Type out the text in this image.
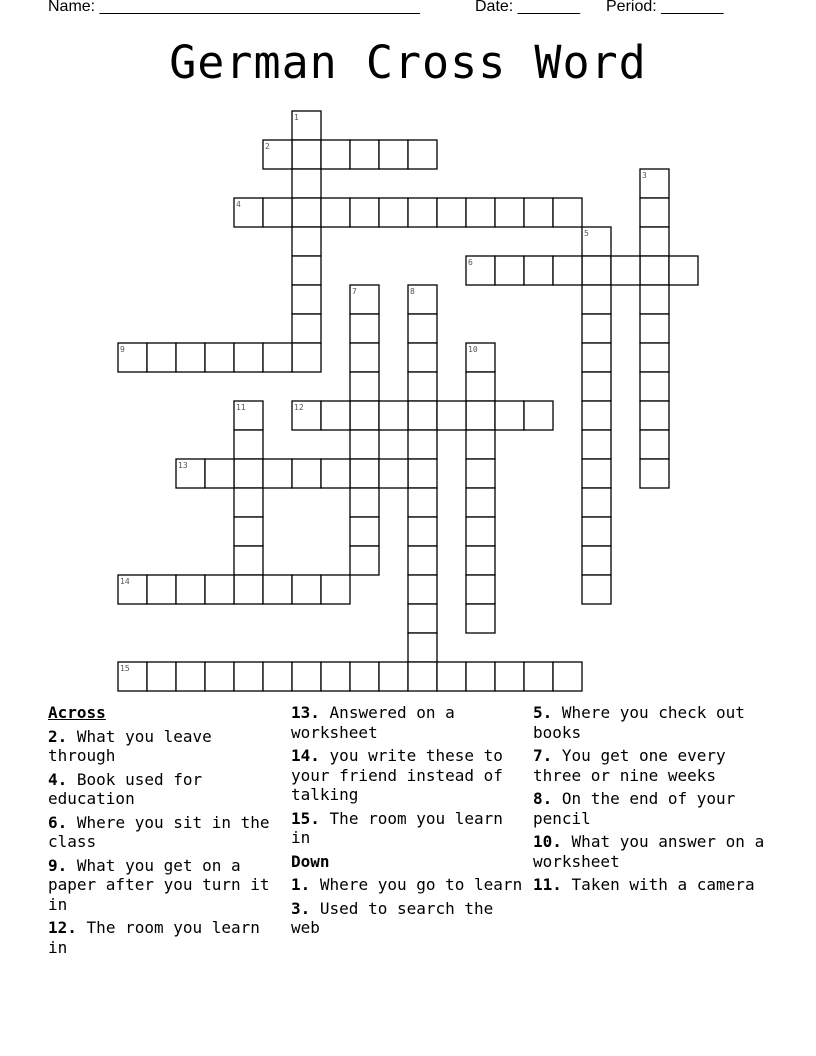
Name: ____________________________________	Date: _______ Period: _______
German Cross Word
1
2
3
4
5
6
7	8
9	10
11	12
13
14
15
Across
2. What you leave through
4. Book used for education
6. Where you sit in the class
9. What you get on a paper after you turn it in
12. The room you learn in
13. Answered on a worksheet
14. you write these to your friend instead of talking
15. The room you learn in
Down
1. Where you go to learn
3. Used to search the web
5. Where you check out books
7. You get one every three or nine weeks
8. On the end of your pencil
10. What you answer on a worksheet
11. Taken with a camera
